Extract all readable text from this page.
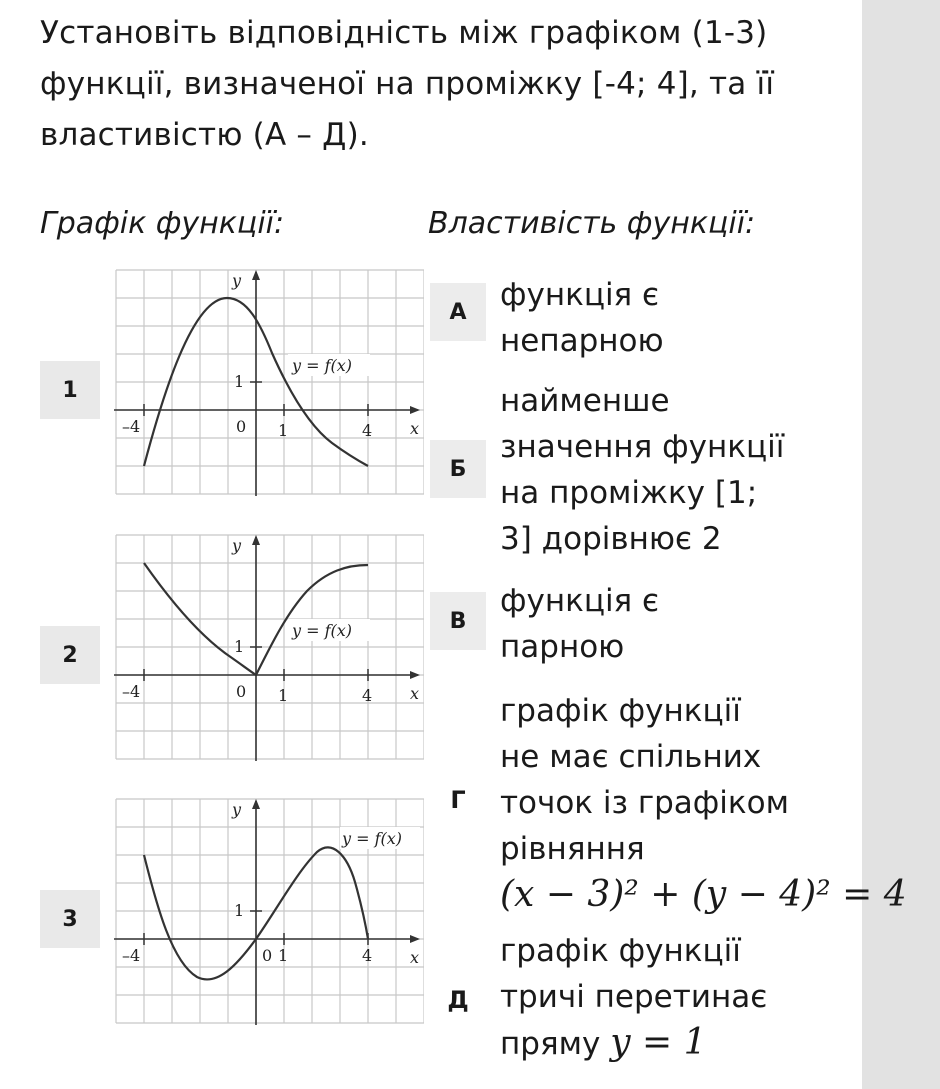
Установіть відповідність між графіком (1-3)
функції, визначеної на проміжку [-4; 4], та її
властивістю (А – Д).
Графік функції:	Властивість функції:
1
2
3
y
x
–4	0 1	4
1
y = f(x)
y
x
–4	0 1	4
1
y = f(x)
y
x
–4	0 1	4
1
y = f(x)
А	функція є
непарною
Б
найменше
значення функції
на проміжку [1;
3] дорівнює 2
В
функція є
парною
Г
графік функції
не має спільних
точок із графіком
рівняння
(x − 3)² + (y − 4)² = 4
Д
графік функції
тричі перетинає
пряму y = 1
